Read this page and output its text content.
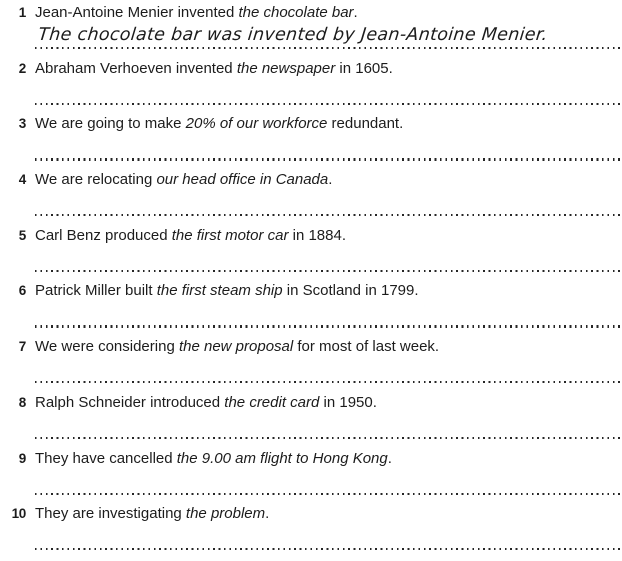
1 Jean-Antoine Menier invented the chocolate bar.
The chocolate bar was invented by Jean-Antoine Menier.
2 Abraham Verhoeven invented the newspaper in 1605.
3 We are going to make 20% of our workforce redundant.
4 We are relocating our head office in Canada.
5 Carl Benz produced the first motor car in 1884.
6 Patrick Miller built the first steam ship in Scotland in 1799.
7 We were considering the new proposal for most of last week.
8 Ralph Schneider introduced the credit card in 1950.
9 They have cancelled the 9.00 am flight to Hong Kong.
10 They are investigating the problem.
